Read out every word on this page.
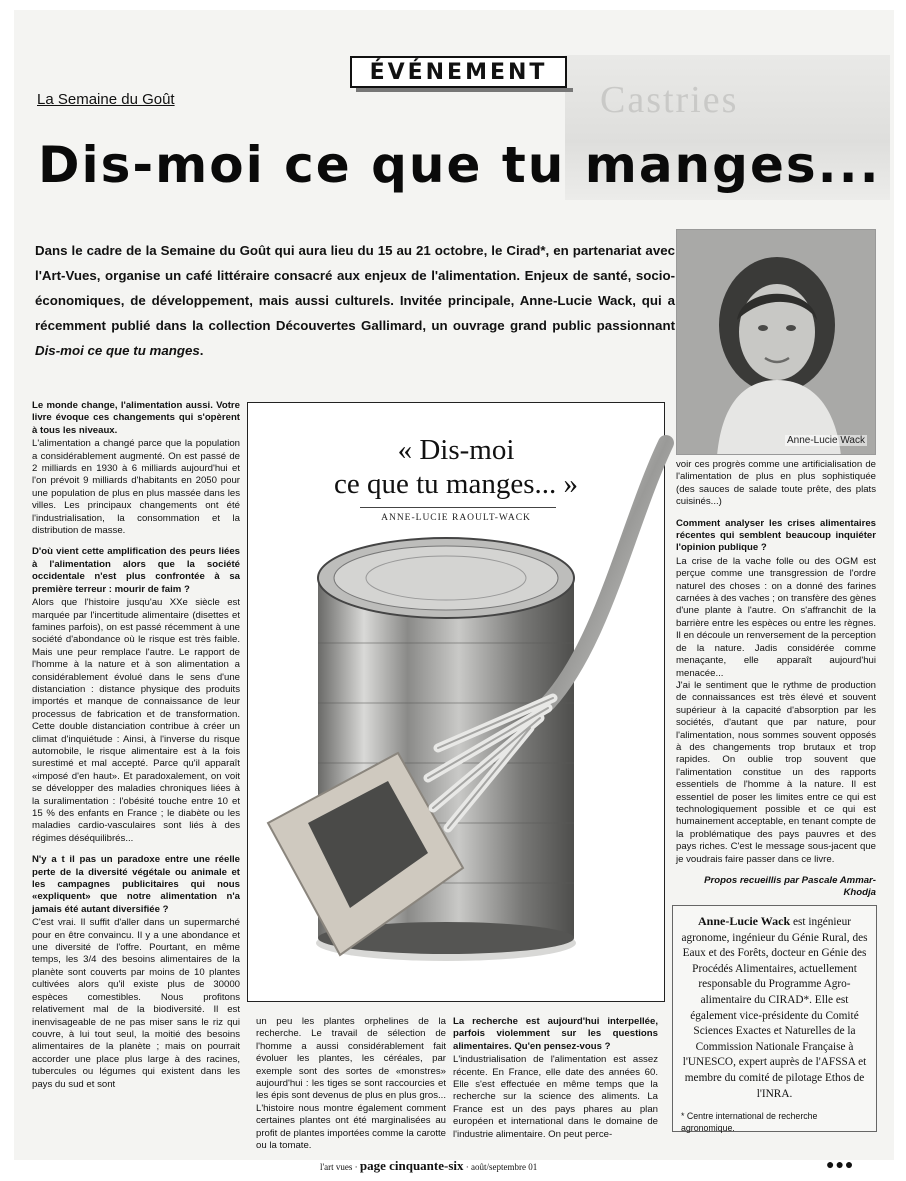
Castries
ÉVÉNEMENT
La Semaine du Goût
Dis-moi ce que tu manges...
Dans le cadre de la Semaine du Goût qui aura lieu du 15 au 21 octobre, le Cirad*, en partenariat avec l'Art-Vues, organise un café littéraire consacré aux enjeux de l'alimentation. Enjeux de santé, socio-économiques, de développement, mais aussi culturels. Invitée principale, Anne-Lucie Wack, qui a récemment publié dans la collection Découvertes Gallimard, un ouvrage grand public passionnant Dis-moi ce que tu manges.
Anne-Lucie Wack

Le monde change, l'alimentation aussi. Votre livre évoque ces changements qui s'opèrent à tous les niveaux.

L'alimentation a changé parce que la population a considérablement augmenté. On est passé de 2 milliards en 1930 à 6 milliards aujourd'hui et l'on prévoit 9 milliards d'habitants en 2050 pour une population de plus en plus massée dans les villes. Les principaux changements ont été l'industrialisation, la consommation et la distribution de masse.

D'où vient cette amplification des peurs liées à l'alimentation alors que la société occidentale n'est plus confrontée à sa première terreur : mourir de faim ?

Alors que l'histoire jusqu'au XXe siècle est marquée par l'incertitude alimentaire (disettes et famines parfois), on est passé récemment à une société d'abondance où le risque est très faible. Mais une peur remplace l'autre. Le rapport de l'homme à la nature et à son alimentation a considérablement évolué dans le sens d'une distanciation : distance physique des produits importés et manque de connaissance de leur processus de fabrication et de transformation. Cette double distanciation contribue à créer un climat d'inquiétude : Ainsi, à l'inverse du risque automobile, le risque alimentaire est à la fois surestimé et mal accepté. Parce qu'il apparaît «imposé d'en haut». Et paradoxalement, on voit se développer des maladies chroniques liées à la suralimentation : l'obésité touche entre 10 et 15 % des enfants en France ; le diabète ou les maladies cardio-vasculaires sont liés à des régimes déséquilibrés...

N'y a t il pas un paradoxe entre une réelle perte de la diversité végétale ou animale et les campagnes publicitaires qui nous «expliquent» que notre alimentation n'a jamais été autant diversifiée ?

C'est vrai. Il suffit d'aller dans un supermarché pour en être convaincu. Il y a une abondance et une diversité de l'offre. Pourtant, en même temps, les 3/4 des besoins alimentaires de la planète sont couverts par moins de 10 plantes cultivées alors qu'il existe plus de 30000 espèces comestibles. Nous profitons relativement mal de la biodiversité. Il est inenvisageable de ne pas miser sans le riz qui couvre, à lui tout seul, la moitié des besoins alimentaires de la planète ; mais on pourrait accorder une place plus large à des racines, tubercules ou légumes qui existent dans les pays du sud et sont

« Dis-moi
ce que tu manges... »
ANNE-LUCIE RAOULT-WACK

un peu les plantes orphelines de la recherche. Le travail de sélection de l'homme a aussi considérablement fait évoluer les plantes, les céréales, par exemple sont des sortes de «monstres» aujourd'hui : les tiges se sont raccourcies et les épis sont devenus de plus en plus gros... L'histoire nous montre également comment certaines plantes ont été marginalisées au profit de plantes importées comme la carotte ou la tomate.

La recherche est aujourd'hui interpellée, parfois violemment sur les questions alimentaires. Qu'en pensez-vous ?

L'industrialisation de l'alimentation est assez récente. En France, elle date des années 60. Elle s'est effectuée en même temps que la recherche sur la science des aliments. La France est un des pays phares au plan européen et international dans le domaine de l'industrie alimentaire. On peut perce-

voir ces progrès comme une artificialisation de l'alimentation de plus en plus sophistiquée (des sauces de salade toute prête, des plats cuisinés...)

Comment analyser les crises alimentaires récentes qui semblent beaucoup inquiéter l'opinion publique ?

La crise de la vache folle ou des OGM est perçue comme une transgression de l'ordre naturel des choses : on a donné des farines carnées à des vaches ; on transfère des gènes d'une plante à l'autre. On s'affranchit de la barrière entre les espèces ou entre les règnes. Il en découle un renversement de la perception de la nature. Jadis considérée comme menaçante, elle apparaît aujourd'hui menacée...

J'ai le sentiment que le rythme de production de connaissances est très élevé et souvent supérieur à la capacité d'absorption par les sociétés, d'autant que par nature, pour l'alimentation, nous sommes souvent opposés à des changements trop brutaux et trop rapides. On oublie trop souvent que l'alimentation constitue un des rapports essentiels de l'homme à la nature. Il est essentiel de poser les limites entre ce qui est technologiquement possible et ce qui est humainement acceptable, en tenant compte de la problématique des pays pauvres et des pays riches. C'est le message sous-jacent que je voudrais faire passer dans ce livre.

Propos recueillis par Pascale Ammar-Khodja

Anne-Lucie Wack est ingénieur agronome, ingénieur du Génie Rural, des Eaux et des Forêts, docteur en Génie des Procédés Alimentaires, actuellement responsable du Programme Agro-alimentaire du CIRAD*. Elle est également vice-présidente du Comité Sciences Exactes et Naturelles de la Commission Nationale Française à l'UNESCO, expert auprès de l'AFSSA et membre du comité de pilotage Ethos de l'INRA.

* Centre international de recherche agronomique.
l'art vues · page cinquante-six · août/septembre 01	●●●
